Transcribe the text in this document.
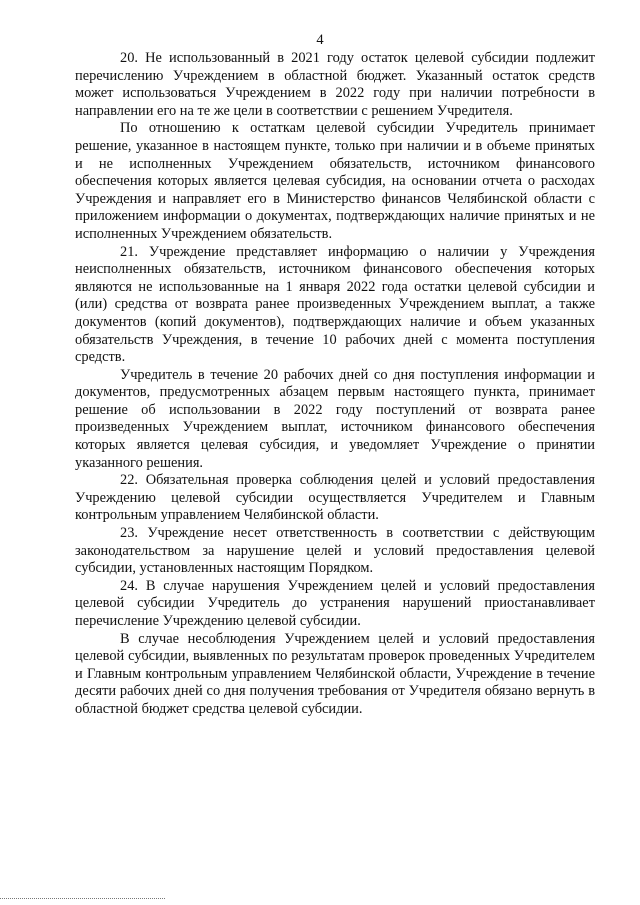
4

20. Не использованный в 2021 году остаток целевой субсидии подлежит перечислению Учреждением в областной бюджет. Указанный остаток средств может использоваться Учреждением в 2022 году при наличии потребности в направлении его на те же цели в соответствии с решением Учредителя.

По отношению к остаткам целевой субсидии Учредитель принимает решение, указанное в настоящем пункте, только при наличии и в объеме принятых и не исполненных Учреждением обязательств, источником финансового обеспечения которых является целевая субсидия, на основании отчета о расходах Учреждения и направляет его в Министерство финансов Челябинской области с приложением информации о документах, подтверждающих наличие принятых и не исполненных Учреждением обязательств.

21. Учреждение представляет информацию о наличии у Учреждения неисполненных обязательств, источником финансового обеспечения которых являются не использованные на 1 января 2022 года остатки целевой субсидии и (или) средства от возврата ранее произведенных Учреждением выплат, а также документов (копий документов), подтверждающих наличие и объем указанных обязательств Учреждения, в течение 10 рабочих дней с момента поступления средств.

Учредитель в течение 20 рабочих дней со дня поступления информации и документов, предусмотренных абзацем первым настоящего пункта, принимает решение об использовании в 2022 году поступлений от возврата ранее произведенных Учреждением выплат, источником финансового обеспечения которых является целевая субсидия, и уведомляет Учреждение о принятии указанного решения.

22. Обязательная проверка соблюдения целей и условий предоставления Учреждению целевой субсидии осуществляется Учредителем и Главным контрольным управлением Челябинской области.

23. Учреждение несет ответственность в соответствии с действующим законодательством за нарушение целей и условий предоставления целевой субсидии, установленных настоящим Порядком.

24. В случае нарушения Учреждением целей и условий предоставления целевой субсидии Учредитель до устранения нарушений приостанавливает перечисление Учреждению целевой субсидии.

В случае несоблюдения Учреждением целей и условий предоставления целевой субсидии, выявленных по результатам проверок проведенных Учредителем и Главным контрольным управлением Челябинской области, Учреждение в течение десяти рабочих дней со дня получения требования от Учредителя обязано вернуть в областной бюджет средства целевой субсидии.
